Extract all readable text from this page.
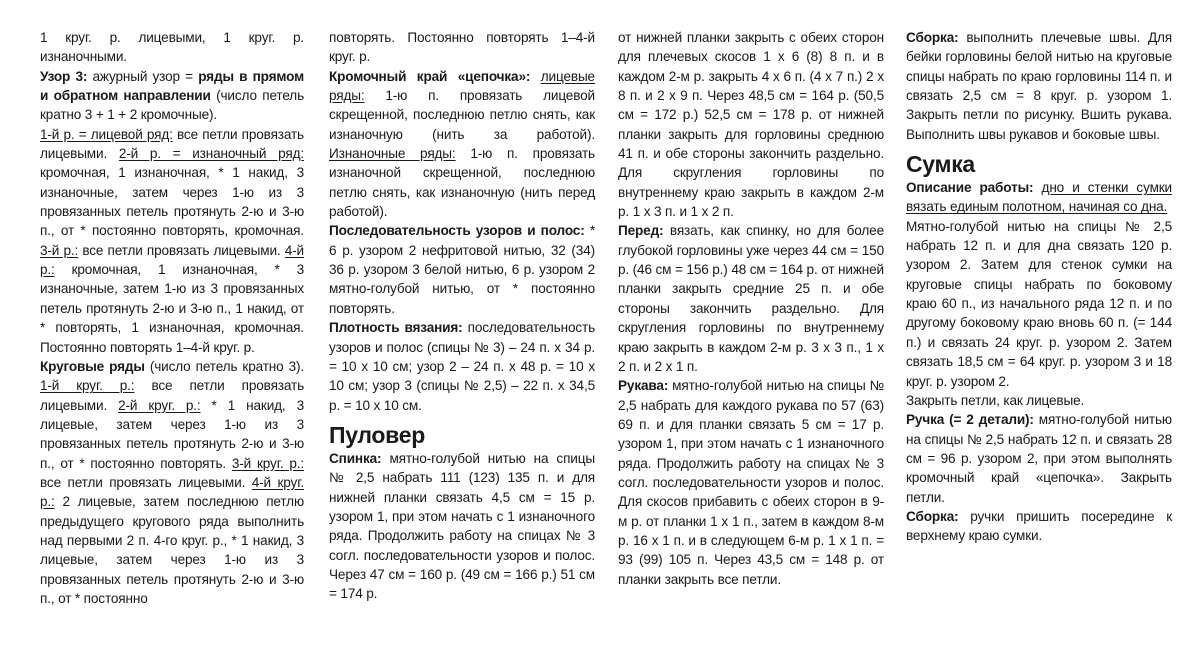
1 круг. р. лицевыми, 1 круг. р. изнаночными.

Узор 3: ажурный узор = ряды в прямом и обратном направлении (число петель кратно 3 + 1 + 2 кромочные).

1-й р. = лицевой ряд: все петли провязать лицевыми. 2-й р. = изнаночный ряд: кромочная, 1 изнаночная, * 1 накид, 3 изнаночные, затем через 1-ю из 3 провязанных петель протянуть 2-ю и 3-ю п., от * постоянно повторять, кромочная. 3-й р.: все петли провязать лицевыми. 4-й р.: кромочная, 1 изнаночная, * 3 изнаночные, затем 1-ю из 3 провязанных петель протянуть 2-ю и 3-ю п., 1 накид, от * повторять, 1 изнаночная, кромочная. Постоянно повторять 1–4-й круг. р.

Круговые ряды (число петель кратно 3). 1-й круг. р.: все петли провязать лицевыми. 2-й круг. р.: * 1 накид, 3 лицевые, затем через 1-ю из 3 провязанных петель протянуть 2-ю и 3-ю п., от * постоянно повторять. 3-й круг. р.: все петли провязать лицевыми. 4-й круг. р.: 2 лицевые, затем последнюю петлю предыдущего кругового ряда выполнить над первыми 2 п. 4-го круг. р., * 1 накид, 3 лицевые, затем через 1-ю из 3 провязанных петель протянуть 2-ю и 3-ю п., от * постоянно

повторять. Постоянно повторять 1–4-й круг. р.

Кромочный край «цепочка»: лицевые ряды: 1-ю п. провязать лицевой скрещенной, последнюю петлю снять, как изнаночную (нить за работой). Изнаночные ряды: 1-ю п. провязать изнаночной скрещенной, последнюю петлю снять, как изнаночную (нить перед работой).

Последовательность узоров и полос: * 6 р. узором 2 нефритовой нитью, 32 (34) 36 р. узором 3 белой нитью, 6 р. узором 2 мятно-голубой нитью, от * постоянно повторять.

Плотность вязания: последовательность узоров и полос (спицы № 3) – 24 п. х 34 р. = 10 х 10 см; узор 2 – 24 п. х 48 р. = 10 х 10 см; узор 3 (спицы № 2,5) – 22 п. х 34,5 р. = 10 х 10 см.

Пуловер

Спинка: мятно-голубой нитью на спицы № 2,5 набрать 111 (123) 135 п. и для нижней планки связать 4,5 см = 15 р. узором 1, при этом начать с 1 изнаночного ряда. Продолжить работу на спицах № 3 согл. последовательности узоров и полос. Через 47 см = 160 р. (49 см = 166 р.) 51 см = 174 р.

от нижней планки закрыть с обеих сторон для плечевых скосов 1 х 6 (8) 8 п. и в каждом 2-м р. закрыть 4 х 6 п. (4 х 7 п.) 2 х 8 п. и 2 х 9 п. Через 48,5 см = 164 р. (50,5 см = 172 р.) 52,5 см = 178 р. от нижней планки закрыть для горловины среднюю 41 п. и обе стороны закончить раздельно. Для скругления горловины по внутреннему краю закрыть в каждом 2-м р. 1 х 3 п. и 1 х 2 п.

Перед: вязать, как спинку, но для более глубокой горловины уже через 44 см = 150 р. (46 см = 156 р.) 48 см = 164 р. от нижней планки закрыть средние 25 п. и обе стороны закончить раздельно. Для скругления горловины по внутреннему краю закрыть в каждом 2-м р. 3 х 3 п., 1 х 2 п. и 2 х 1 п.

Рукава: мятно-голубой нитью на спицы № 2,5 набрать для каждого рукава по 57 (63) 69 п. и для планки связать 5 см = 17 р. узором 1, при этом начать с 1 изнаночного ряда. Продолжить работу на спицах № 3 согл. последовательности узоров и полос. Для скосов прибавить с обеих сторон в 9-м р. от планки 1 х 1 п., затем в каждом 8-м р. 16 х 1 п. и в следующем 6-м р. 1 х 1 п. = 93 (99) 105 п. Через 43,5 см = 148 р. от планки закрыть все петли.

Сборка: выполнить плечевые швы. Для бейки горловины белой нитью на круговые спицы набрать по краю горловины 114 п. и связать 2,5 см = 8 круг. р. узором 1. Закрыть петли по рисунку. Вшить рукава. Выполнить швы рукавов и боковые швы.

Сумка

Описание работы: дно и стенки сумки вязать единым полотном, начиная со дна.

Мятно-голубой нитью на спицы № 2,5 набрать 12 п. и для дна связать 120 р. узором 2. Затем для стенок сумки на круговые спицы набрать по боковому краю 60 п., из начального ряда 12 п. и по другому боковому краю вновь 60 п. (= 144 п.) и связать 24 круг. р. узором 2. Затем связать 18,5 см = 64 круг. р. узором 3 и 18 круг. р. узором 2.

Закрыть петли, как лицевые.

Ручка (= 2 детали): мятно-голубой нитью на спицы № 2,5 набрать 12 п. и связать 28 см = 96 р. узором 2, при этом выполнять кромочный край «цепочка». Закрыть петли.

Сборка: ручки пришить посередине к верхнему краю сумки.
